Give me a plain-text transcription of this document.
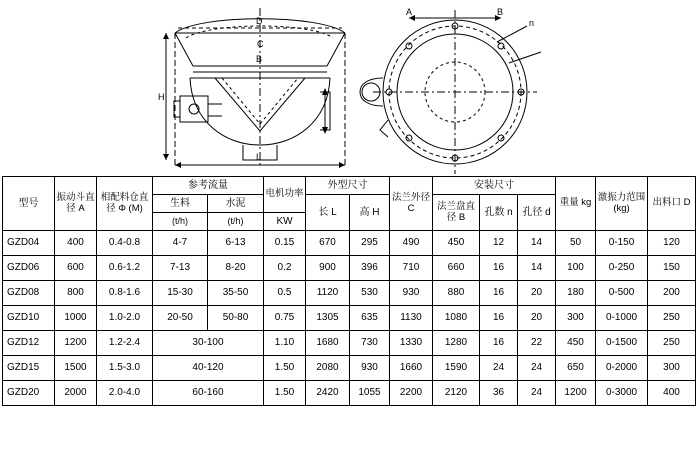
D
C
B
H
L
A	B
n
型号	振动斗直径 A	相配料仓直径 Φ (M)	参考流量		电机功率	外型尺寸		法兰外径 C	安装尺寸			重量 kg	激振力范围(kg)	出料口 D
			生料	水泥		长 L	高 H		法兰盘直径 B	孔数 n	孔径 d			
			(t/h)	(t/h)	KW									
GZD04	400	0.4-0.8	4-7	6-13	0.15	670	295	490	450	12	14	50	0-150	120
GZD06	600	0.6-1.2	7-13	8-20	0.2	900	396	710	660	16	14	100	0-250	150
GZD08	800	0.8-1.6	15-30	35-50	0.5	1120	530	930	880	16	20	180	0-500	200
GZD10	1000	1.0-2.0	20-50	50-80	0.75	1305	635	1130	1080	16	20	300	0-1000	250
GZD12	1200	1.2-2.4	30-100		1.10	1680	730	1330	1280	16	22	450	0-1500	250
GZD15	1500	1.5-3.0	40-120		1.50	2080	930	1660	1590	24	24	650	0-2000	300
GZD20	2000	2.0-4.0	60-160		1.50	2420	1055	2200	2120	36	24	1200	0-3000	400
